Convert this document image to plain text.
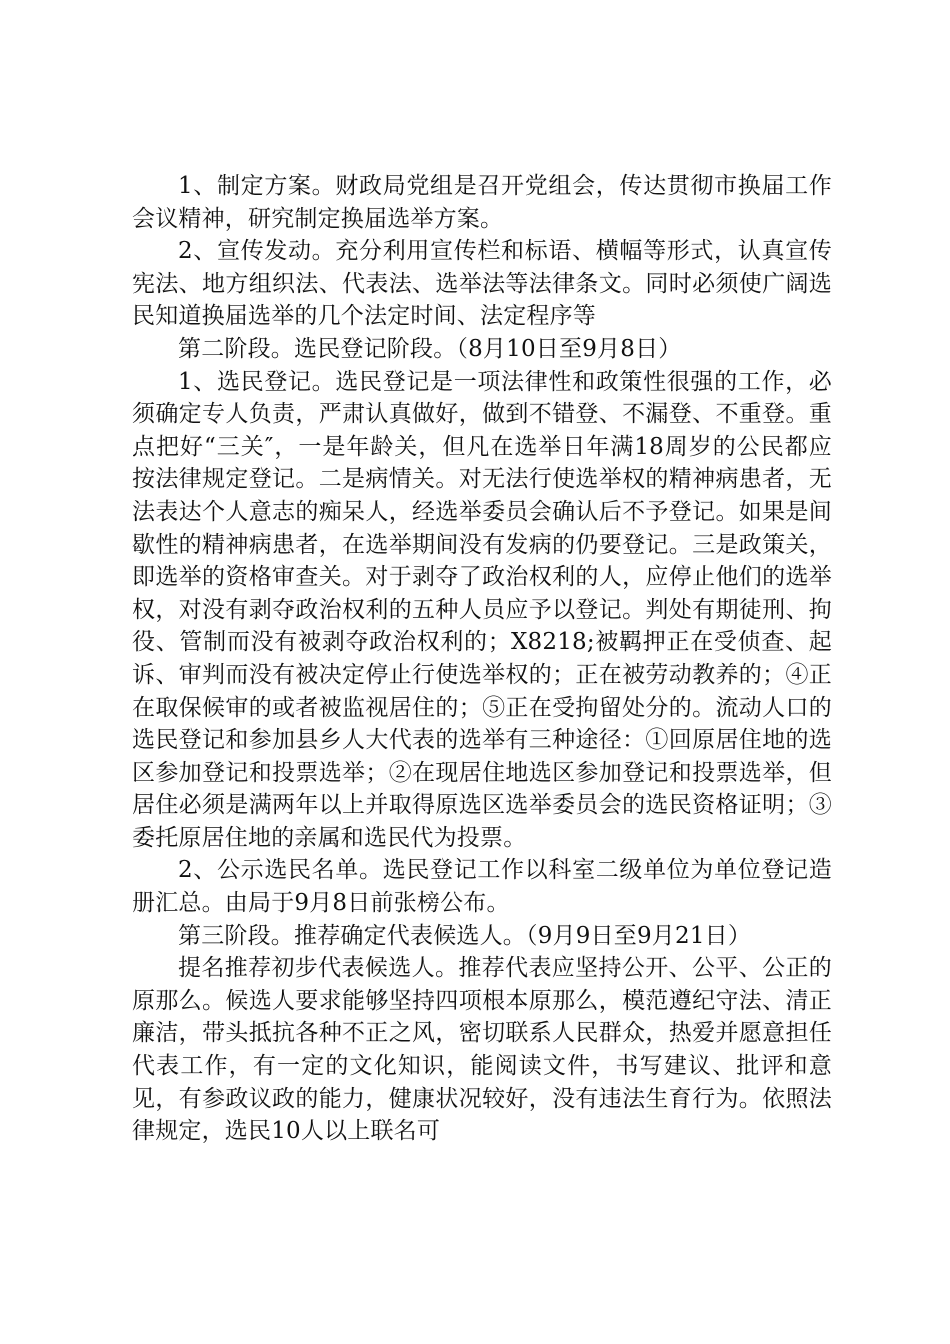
1、制定方案。财政局党组是召开党组会，传达贯彻市换届工作会议精神，研究制定换届选举方案。

2、宣传发动。充分利用宣传栏和标语、横幅等形式，认真宣传宪法、地方组织法、代表法、选举法等法律条文。同时必须使广阔选民知道换届选举的几个法定时间、法定程序等

第二阶段。选民登记阶段。（8月10日至9月8日）

1、选民登记。选民登记是一项法律性和政策性很强的工作，必须确定专人负责，严肃认真做好，做到不错登、不漏登、不重登。重点把好“三关″，一是年龄关，但凡在选举日年满18周岁的公民都应按法律规定登记。二是病情关。对无法行使选举权的精神病患者，无法表达个人意志的痴呆人，经选举委员会确认后不予登记。如果是间歇性的精神病患者，在选举期间没有发病的仍要登记。三是政策关，即选举的资格审查关。对于剥夺了政治权利的人，应停止他们的选举权，对没有剥夺政治权利的五种人员应予以登记。判处有期徒刑、拘役、管制而没有被剥夺政治权利的；X8218;被羁押正在受侦查、起诉、审判而没有被决定停止行使选举权的；正在被劳动教养的；④正在取保候审的或者被监视居住的；⑤正在受拘留处分的。流动人口的选民登记和参加县乡人大代表的选举有三种途径：①回原居住地的选区参加登记和投票选举；②在现居住地选区参加登记和投票选举，但居住必须是满两年以上并取得原选区选举委员会的选民资格证明；③委托原居住地的亲属和选民代为投票。

2、公示选民名单。选民登记工作以科室二级单位为单位登记造册汇总。由局于9月8日前张榜公布。

第三阶段。推荐确定代表候选人。（9月9日至9月21日）

提名推荐初步代表候选人。推荐代表应坚持公开、公平、公正的原那么。候选人要求能够坚持四项根本原那么，模范遵纪守法、清正廉洁，带头抵抗各种不正之风，密切联系人民群众，热爱并愿意担任代表工作，有一定的文化知识，能阅读文件，书写建议、批评和意见，有参政议政的能力，健康状况较好，没有违法生育行为。依照法律规定，选民10人以上联名可
